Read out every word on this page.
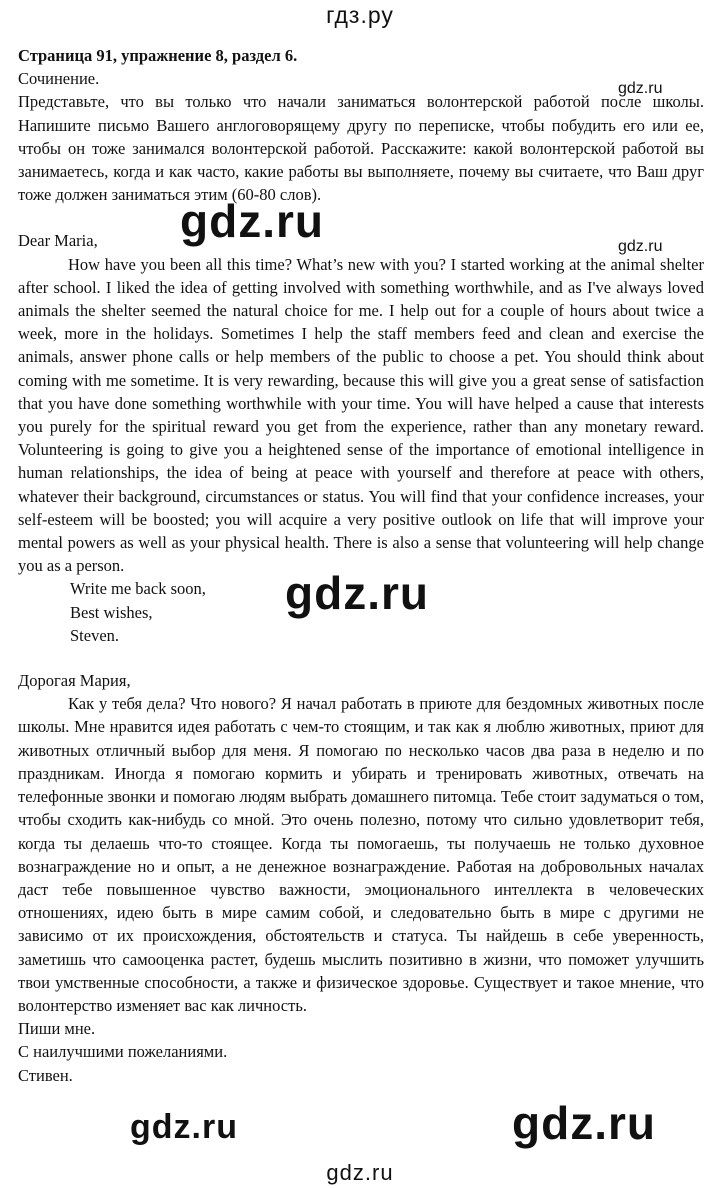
гдз.ру

Страница 91, упражнение 8, раздел 6.

Сочинение.

Представьте, что вы только что начали заниматься волонтерской работой после школы. Напишите письмо Вашего англоговорящему другу по переписке, чтобы побудить его или ее, чтобы он тоже занимался волонтерской работой. Расскажите: какой волонтерской работой вы занимаетесь, когда и как часто, какие работы вы выполняете, почему вы считаете, что Ваш друг тоже должен заниматься этим (60-80 слов).

Dear Maria,

How have you been all this time? What’s new with you? I started working at the animal shelter after school. I liked the idea of getting involved with something worthwhile, and as I've always loved animals the shelter seemed the natural choice for me. I help out for a couple of hours about twice a week, more in the holidays. Sometimes I help the staff members feed and clean and exercise the animals, answer phone calls or help members of the public to choose a pet. You should think about coming with me sometime. It is very rewarding, because this will give you a great sense of satisfaction that you have done something worthwhile with your time. You will have helped a cause that interests you purely for the spiritual reward you get from the experience, rather than any monetary reward. Volunteering is going to give you a heightened sense of the importance of emotional intelligence in human relationships, the idea of being at peace with yourself and therefore at peace with others, whatever their background, circumstances or status. You will find that your confidence increases, your self-esteem will be boosted; you will acquire a very positive outlook on life that will improve your mental powers as well as your physical health. There is also a sense that volunteering will help change you as a person.

Write me back soon,

Best wishes,

Steven.

Дорогая Мария,

Как у тебя дела? Что нового? Я начал работать в приюте для бездомных животных после школы. Мне нравится идея работать с чем-то стоящим, и так как я люблю животных, приют для животных отличный выбор для меня. Я помогаю по несколько часов два раза в неделю и по праздникам. Иногда я помогаю кормить и убирать и тренировать животных, отвечать на телефонные звонки и помогаю людям выбрать домашнего питомца. Тебе стоит задуматься о том, чтобы сходить как-нибудь со мной. Это очень полезно, потому что сильно удовлетворит тебя, когда ты делаешь что-то стоящее. Когда ты помогаешь, ты получаешь не только духовное вознаграждение но и опыт, а не денежное вознаграждение. Работая на добровольных началах даст тебе повышенное чувство важности, эмоционального интеллекта в человеческих отношениях, идею быть в мире самим собой, и следовательно быть в мире с другими не зависимо от их происхождения, обстоятельств и статуса. Ты найдешь в себе уверенность, заметишь что самооценка растет, будешь мыслить позитивно в жизни, что поможет улучшить твои умственные способности, а также и физическое здоровье. Существует и такое мнение, что волонтерство изменяет вас как личность.

Пиши мне.

С наилучшими пожеланиями.

Стивен.

gdz.ru
gdz.ru
gdz.ru
gdz.ru
gdz.ru
gdz.ru
gdz.ru
